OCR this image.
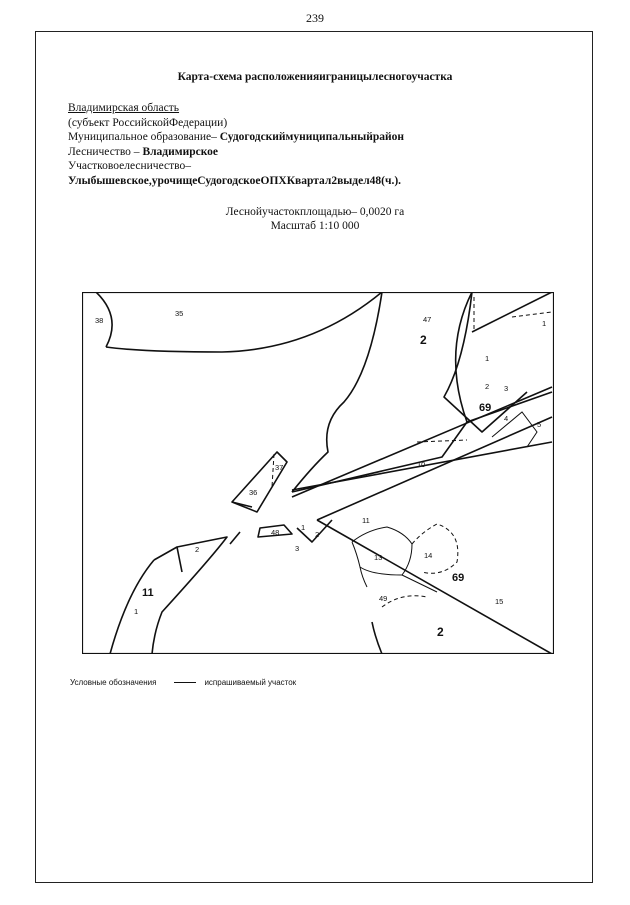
239
Карта-схема расположенияиграницылесногоучастка
Владимирская область
(субъект РоссийскойФедерации)
Муниципальное образование– Судогодскиймуниципальныйрайон
Лесничество – Владимирское
Участковоелесничество–
Улыбышевское,урочищеСудогодскоеОПХКвартал2выдел48(ч.).
Леснойучастокплощадью– 0,0020 га
Масштаб 1:10 000
38
35
47
2
1
2 3
69
4
10
37
36
48
1
3
2
11
13	14
69
15
49
2
2
11
1
5
1
Условные обозначения	испрашиваемый участок
